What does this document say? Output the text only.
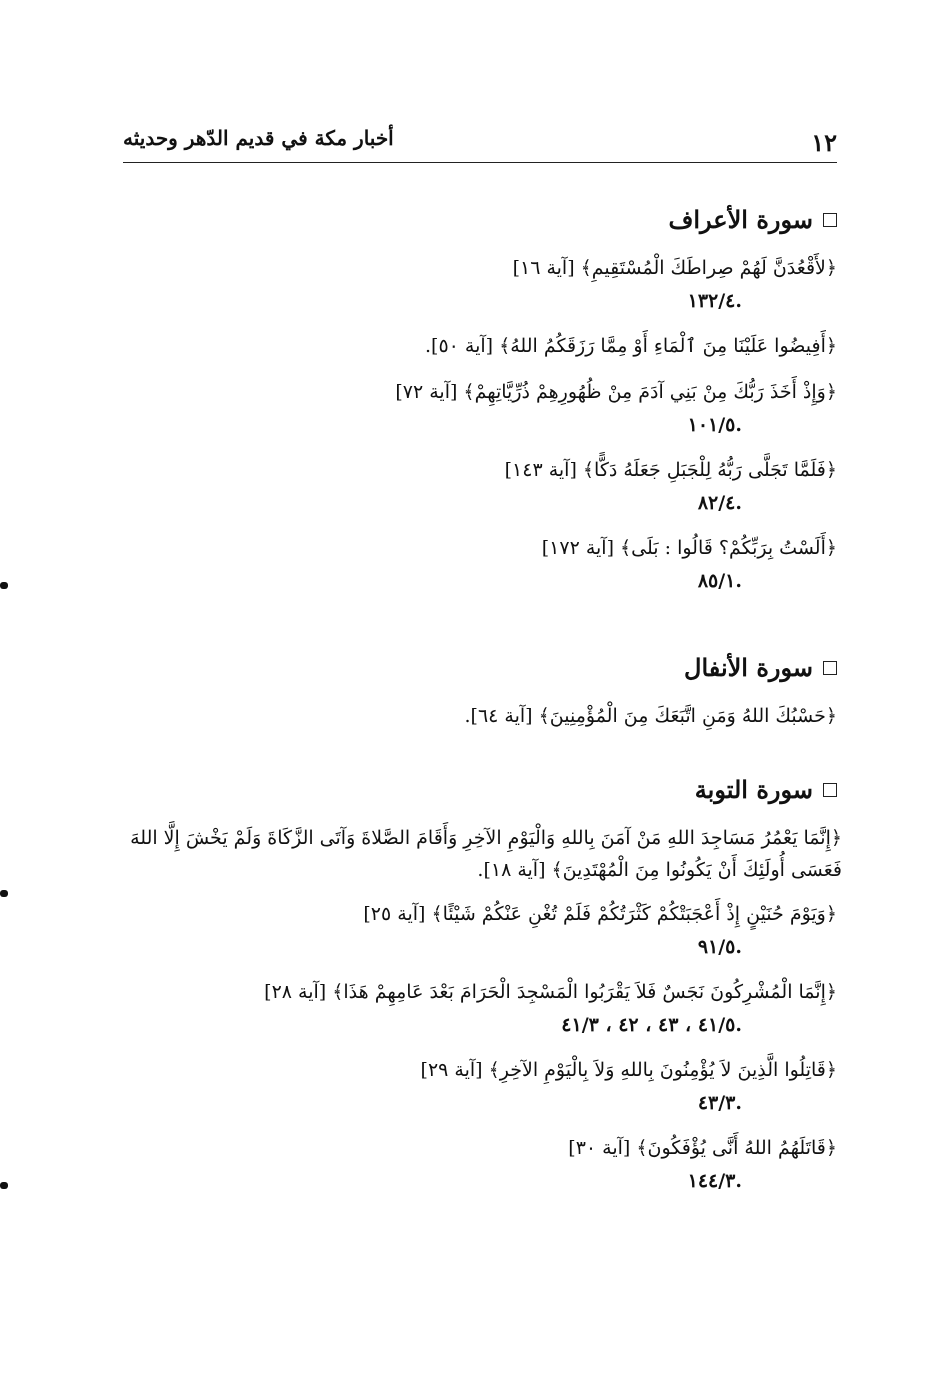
١٢
أخبار مكة في قديم الدّهر وحديثه
سورة الأعراف

﴿لأَقْعُدَنَّ لَهُمْ صِراطَكَ الْمُسْتَقِيمِ﴾ [آية ١٦]

.١٣٢/٤

﴿أَفِيضُوا عَلَيْنَا مِنَ ٱلْمَاءِ أَوْ مِمَّا رَزَقَكُمُ اللهُ﴾ [آية ٥٠].

﴿وَإِذْ أَخَذَ رَبُّكَ مِنْ بَنِي آدَمَ مِنْ ظُهُورِهِمْ ذُرِّيَّاتِهِمْ﴾ [آية ٧٢]

.١٠١/٥

﴿فَلَمَّا تَجَلَّى رَبُّهُ لِلْجَبَلِ جَعَلَهُ دَكًّا﴾ [آية ١٤٣]

.٨٢/٤

﴿أَلَسْتُ بِرَبِّكُمْ؟ قَالُوا : بَلَى﴾ [آية ١٧٢]

.٨٥/١

سورة الأنفال

﴿حَسْبُكَ اللهُ وَمَنِ اتَّبَعَكَ مِنَ الْمُؤْمِنِينَ﴾ [آية ٦٤].

سورة التوبة

﴿إِنَّمَا يَعْمُرُ مَسَاجِدَ اللهِ مَنْ آمَنَ بِاللهِ وَالْيَوْمِ الآخِرِ وَأَقَامَ الصَّلاةَ وَآتَى الزَّكَاةَ وَلَمْ يَخْشَ إِلَّا اللهَ فَعَسَى أُولَئِكَ أَنْ يَكُونُوا مِنَ الْمُهْتَدِينَ﴾ [آية ١٨].

﴿وَيَوْمَ حُنَيْنٍ إِذْ أَعْجَبَتْكُمْ كَثْرَتُكُمْ فَلَمْ تُغْنِ عَنْكُمْ شَيْئًا﴾ [آية ٢٥]

.٩١/٥

﴿إِنَّمَا الْمُشْرِكُونَ نَجَسٌ فَلاَ يَقْرَبُوا الْمَسْجِدَ الْحَرَامَ بَعْدَ عَامِهِمْ هَذَا﴾ [آية ٢٨]

.٤١/٥ ، ٤٣ ، ٤٢ ، ٤١/٣

﴿قَاتِلُوا الَّذِينَ لاَ يُؤْمِنُونَ بِاللهِ وَلاَ بِالْيَوْمِ الآخِرِ﴾ [آية ٢٩]

.٤٣/٣

﴿قَاتَلَهُمُ اللهُ أَنَّى يُؤْفَكُونَ﴾ [آية ٣٠]

.١٤٤/٣
